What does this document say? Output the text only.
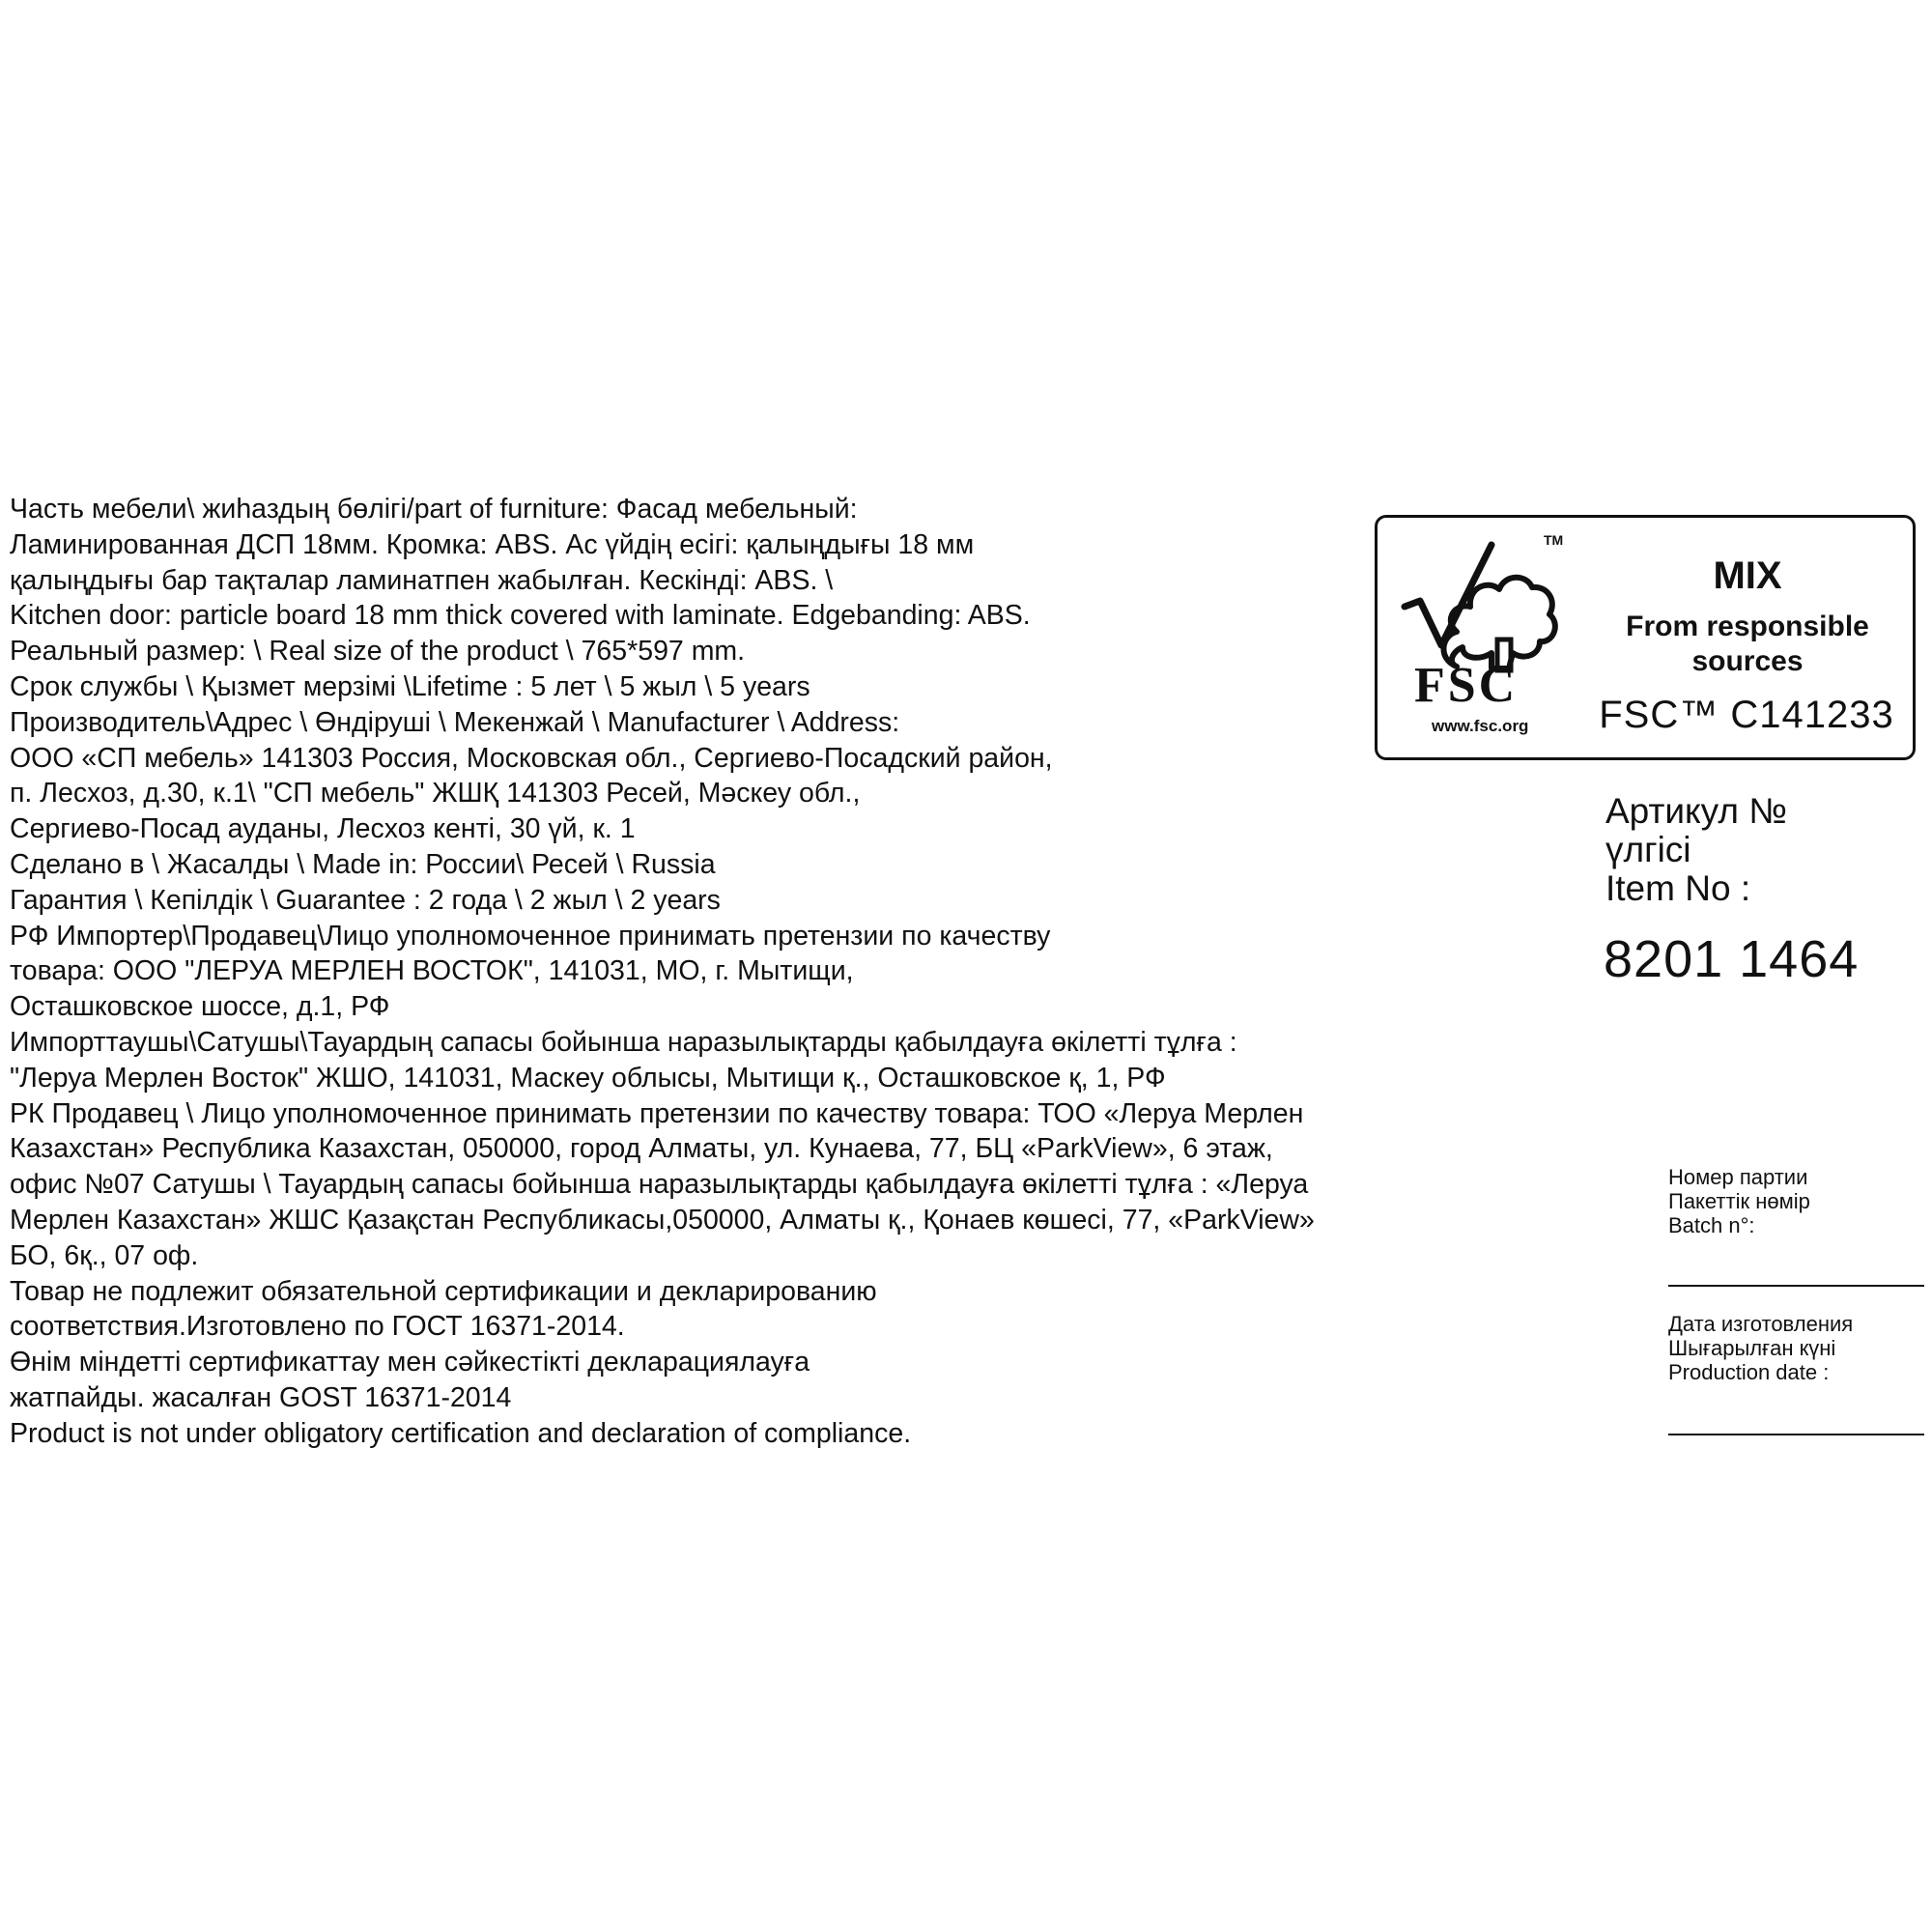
Часть мебели\ жиһаздың бөлігі/part of furniture: Фасад мебельный:
Ламинированная ДСП 18мм. Кромка: ABS. Ас үйдің есігі: қалыңдығы 18 мм
қалыңдығы бар тақталар ламинатпен жабылған. Кескінді: ABS. \
Kitchen door: particle board 18 mm thick covered with laminate. Edgebanding: ABS.
Реальный размер: \ Real size of the product \ 765*597 mm.
Срок службы \ Қызмет мерзімі \Lifetime : 5 лет \ 5 жыл \ 5 years
Производитель\Адрес \ Өндіруші \ Мекенжай \ Manufacturer \ Address:
ООО «СП мебель» 141303 Россия, Московская обл., Сергиево-Посадский район,
п. Лесхоз, д.30, к.1\ "СП мебель" ЖШҚ 141303 Ресей, Мәскеу обл.,
Сергиево-Посад ауданы, Лесхоз кенті, 30 үй, к. 1
Сделано в \ Жасалды \ Made in: России\ Ресей \ Russia
Гарантия \ Кепілдік \ Guarantee : 2 года \ 2 жыл \ 2 years
РФ Импортер\Продавец\Лицо уполномоченное принимать претензии по качеству
товара: ООО "ЛЕРУА МЕРЛЕН ВОСТОК", 141031, МО, г. Мытищи,
Осташковское шоссе, д.1, РФ
Импорттаушы\Сатушы\Тауардың сапасы бойынша наразылықтарды қабылдауға өкілетті тұлға :
"Леруа Мерлен Восток" ЖШО, 141031, Маскеу облысы, Мытищи қ., Осташковское қ, 1, РФ
РК Продавец \ Лицо уполномоченное принимать претензии по качеству товара: ТОО «Леруа Мерлен
Казахстан» Республика Казахстан, 050000, город Алматы, ул. Кунаева, 77, БЦ «ParkView», 6 этаж,
офис №07 Сатушы \ Тауардың сапасы бойынша наразылықтарды қабылдауға өкілетті тұлға : «Леруа
Мерлен Казахстан» ЖШС Қазақстан Республикасы,050000, Алматы қ., Қонаев көшесі, 77, «ParkView»
БО, 6қ., 07 оф.
Товар не подлежит обязательной сертификации и декларированию
соответствия.Изготовлено по ГОСТ 16371-2014.
Өнім міндетті сертификаттау мен сәйкестікті декларациялауға
жатпайды. жасалған GOST 16371-2014
Product is not under obligatory certification and declaration of compliance.
TM
FSC
www.fsc.org
MIX
From responsible
sources
FSC™ C141233
Артикул №
үлгісі
Item No :
8201 1464
Номер партии
Пакеттік нөмір
Batch n°:
Дата изготовления
Шығарылған күні
Production date :
